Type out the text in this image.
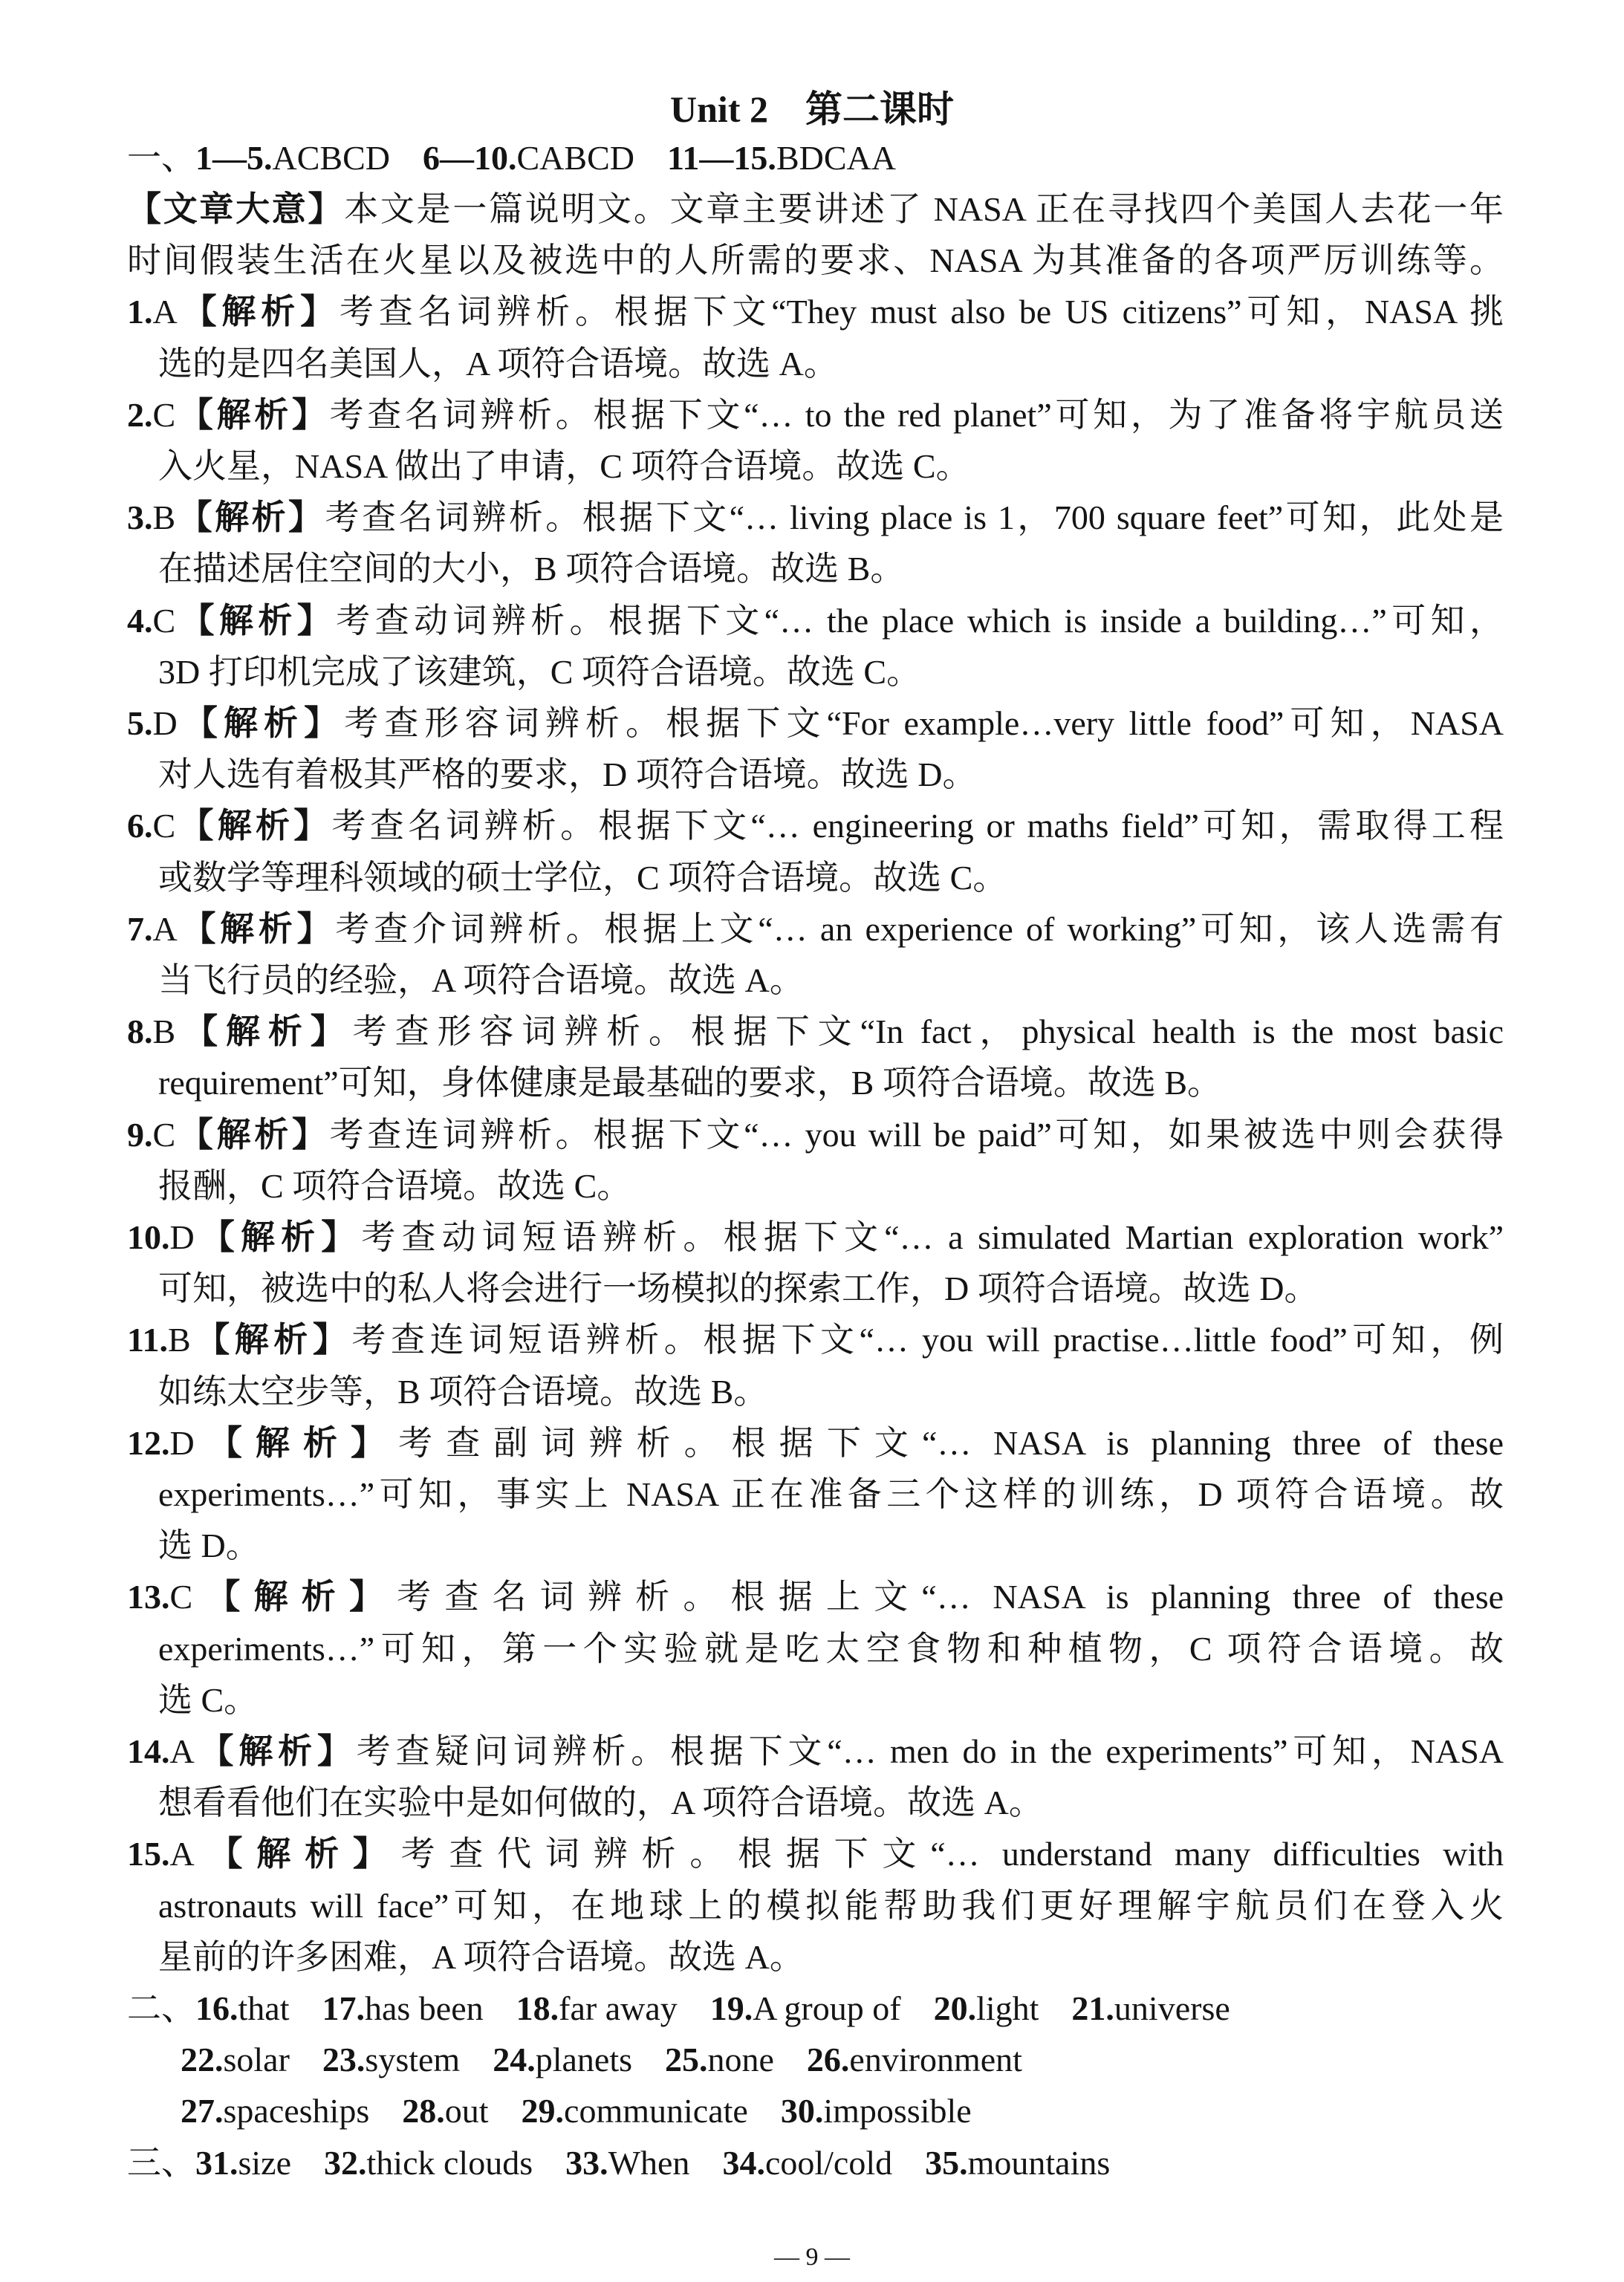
Unit 2　第二课时
一、1—5.ACBCD 6—10.CABCD 11—15.BDCAA
【文章大意】本文是一篇说明文。文章主要讲述了 NASA 正在寻找四个美国人去花一年
时间假装生活在火星以及被选中的人所需的要求、NASA 为其准备的各项严厉训练等。
1.A【解析】考查名词辨析。根据下文“They must also be US citizens”可知，NASA 挑
选的是四名美国人，A 项符合语境。故选 A。
2.C【解析】考查名词辨析。根据下文“… to the red planet”可知，为了准备将宇航员送
入火星，NASA 做出了申请，C 项符合语境。故选 C。
3.B【解析】考查名词辨析。根据下文“… living place is 1，700 square feet”可知，此处是
在描述居住空间的大小，B 项符合语境。故选 B。
4.C【解析】考查动词辨析。根据下文“… the place which is inside a building…”可知，
3D 打印机完成了该建筑，C 项符合语境。故选 C。
5.D【解析】考查形容词辨析。根据下文“For example…very little food”可知，NASA
对人选有着极其严格的要求，D 项符合语境。故选 D。
6.C【解析】考查名词辨析。根据下文“… engineering or maths field”可知，需取得工程
或数学等理科领域的硕士学位，C 项符合语境。故选 C。
7.A【解析】考查介词辨析。根据上文“… an experience of working”可知，该人选需有
当飞行员的经验，A 项符合语境。故选 A。
8.B【解析】考查形容词辨析。根据下文“In fact，physical health is the most basic
requirement”可知，身体健康是最基础的要求，B 项符合语境。故选 B。
9.C【解析】考查连词辨析。根据下文“… you will be paid”可知，如果被选中则会获得
报酬，C 项符合语境。故选 C。
10.D【解析】考查动词短语辨析。根据下文“… a simulated Martian exploration work”
可知，被选中的私人将会进行一场模拟的探索工作，D 项符合语境。故选 D。
11.B【解析】考查连词短语辨析。根据下文“… you will practise…little food”可知，例
如练太空步等，B 项符合语境。故选 B。
12.D【解析】考查副词辨析。根据下文“… NASA is planning three of these
experiments…”可知，事实上 NASA 正在准备三个这样的训练，D 项符合语境。故
选 D。
13.C【解析】考查名词辨析。根据上文“… NASA is planning three of these
experiments…”可知，第一个实验就是吃太空食物和种植物，C 项符合语境。故
选 C。
14.A【解析】考查疑问词辨析。根据下文“… men do in the experiments”可知，NASA
想看看他们在实验中是如何做的，A 项符合语境。故选 A。
15.A【解析】考查代词辨析。根据下文“… understand many difficulties with
astronauts will face”可知，在地球上的模拟能帮助我们更好理解宇航员们在登入火
星前的许多困难，A 项符合语境。故选 A。
二、16.that 17.has been 18.far away 19.A group of 20.light 21.universe
22.solar 23.system 24.planets 25.none 26.environment
27.spaceships 28.out 29.communicate 30.impossible
三、31.size 32.thick clouds 33.When 34.cool/cold 35.mountains
— 9 —
